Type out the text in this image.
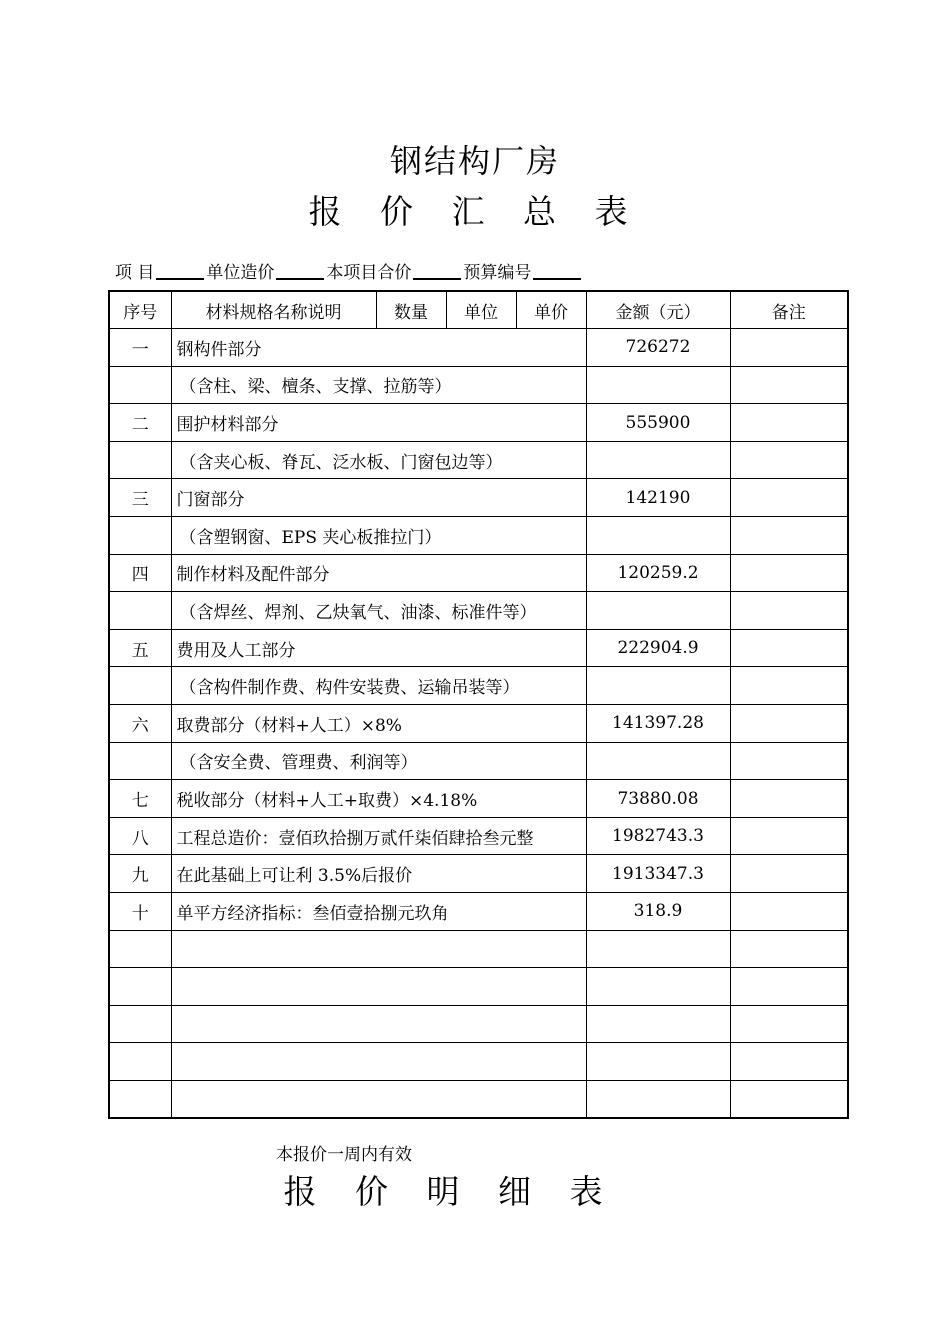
钢结构厂房
报 价 汇 总 表
项 目	单位造价	本项目合价	预算编号
序号	材料规格名称说明	数量	单位	单价	金额（元）	备注
一	钢构件部分				726272	
	（含柱、梁、檀条、支撑、拉筋等）					
二	围护材料部分				555900	
	（含夹心板、脊瓦、泛水板、门窗包边等）					
三	门窗部分				142190	
	（含塑钢窗、EPS 夹心板推拉门）					
四	制作材料及配件部分				120259.2	
	（含焊丝、焊剂、乙炔氧气、油漆、标准件等）					
五	费用及人工部分				222904.9	
	（含构件制作费、构件安装费、运输吊装等）					
六	取费部分（材料+人工）×8%				141397.28	
	（含安全费、管理费、利润等）					
七	税收部分（材料+人工+取费）×4.18%				73880.08	
八	工程总造价：壹佰玖拾捌万贰仟柒佰肆拾叁元整				1982743.3	
九	在此基础上可让利 3.5%后报价				1913347.3	
十	单平方经济指标：叁佰壹拾捌元玖角				318.9	

本报价一周内有效
报 价 明 细 表
